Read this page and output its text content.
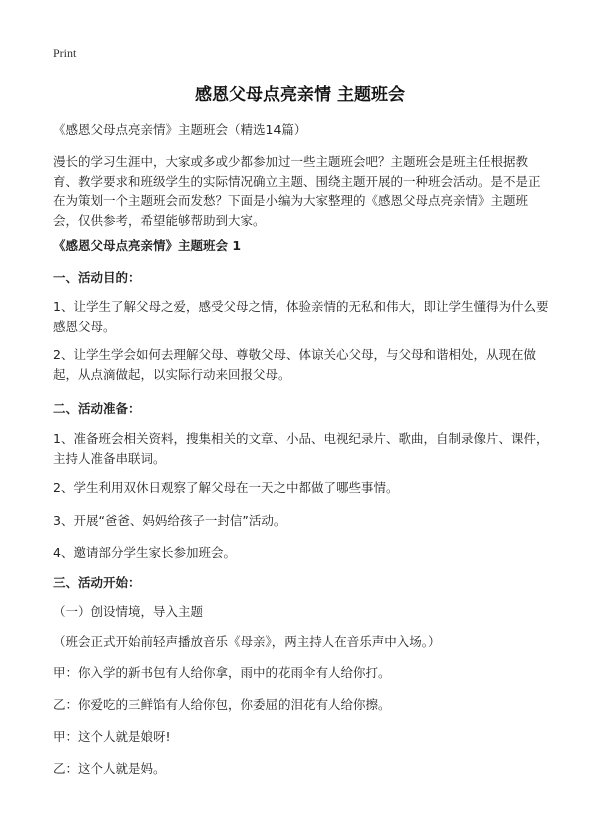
Print
感恩父母点亮亲情 主题班会
《感恩父母点亮亲情》主题班会（精选14篇）
漫长的学习生涯中，大家或多或少都参加过一些主题班会吧？主题班会是班主任根据教育、教学要求和班级学生的实际情况确立主题、围绕主题开展的一种班会活动。是不是正在为策划一个主题班会而发愁？下面是小编为大家整理的《感恩父母点亮亲情》主题班会，仅供参考，希望能够帮助到大家。
《感恩父母点亮亲情》主题班会 1
一、活动目的：
1、让学生了解父母之爱，感受父母之情，体验亲情的无私和伟大，即让学生懂得为什么要感恩父母。
2、让学生学会如何去理解父母、尊敬父母、体谅关心父母，与父母和谐相处，从现在做起，从点滴做起，以实际行动来回报父母。
二、活动准备：
1、准备班会相关资料，搜集相关的文章、小品、电视纪录片、歌曲，自制录像片、课件，主持人准备串联词。
2、学生利用双休日观察了解父母在一天之中都做了哪些事情。
3、开展“爸爸、妈妈给孩子一封信”活动。
4、邀请部分学生家长参加班会。
三、活动开始：
（一）创设情境，导入主题
（班会正式开始前轻声播放音乐《母亲》，两主持人在音乐声中入场。）
甲：你入学的新书包有人给你拿，雨中的花雨伞有人给你打。
乙：你爱吃的三鲜馅有人给你包，你委屈的泪花有人给你擦。
甲：这个人就是娘呀!
乙：这个人就是妈。
